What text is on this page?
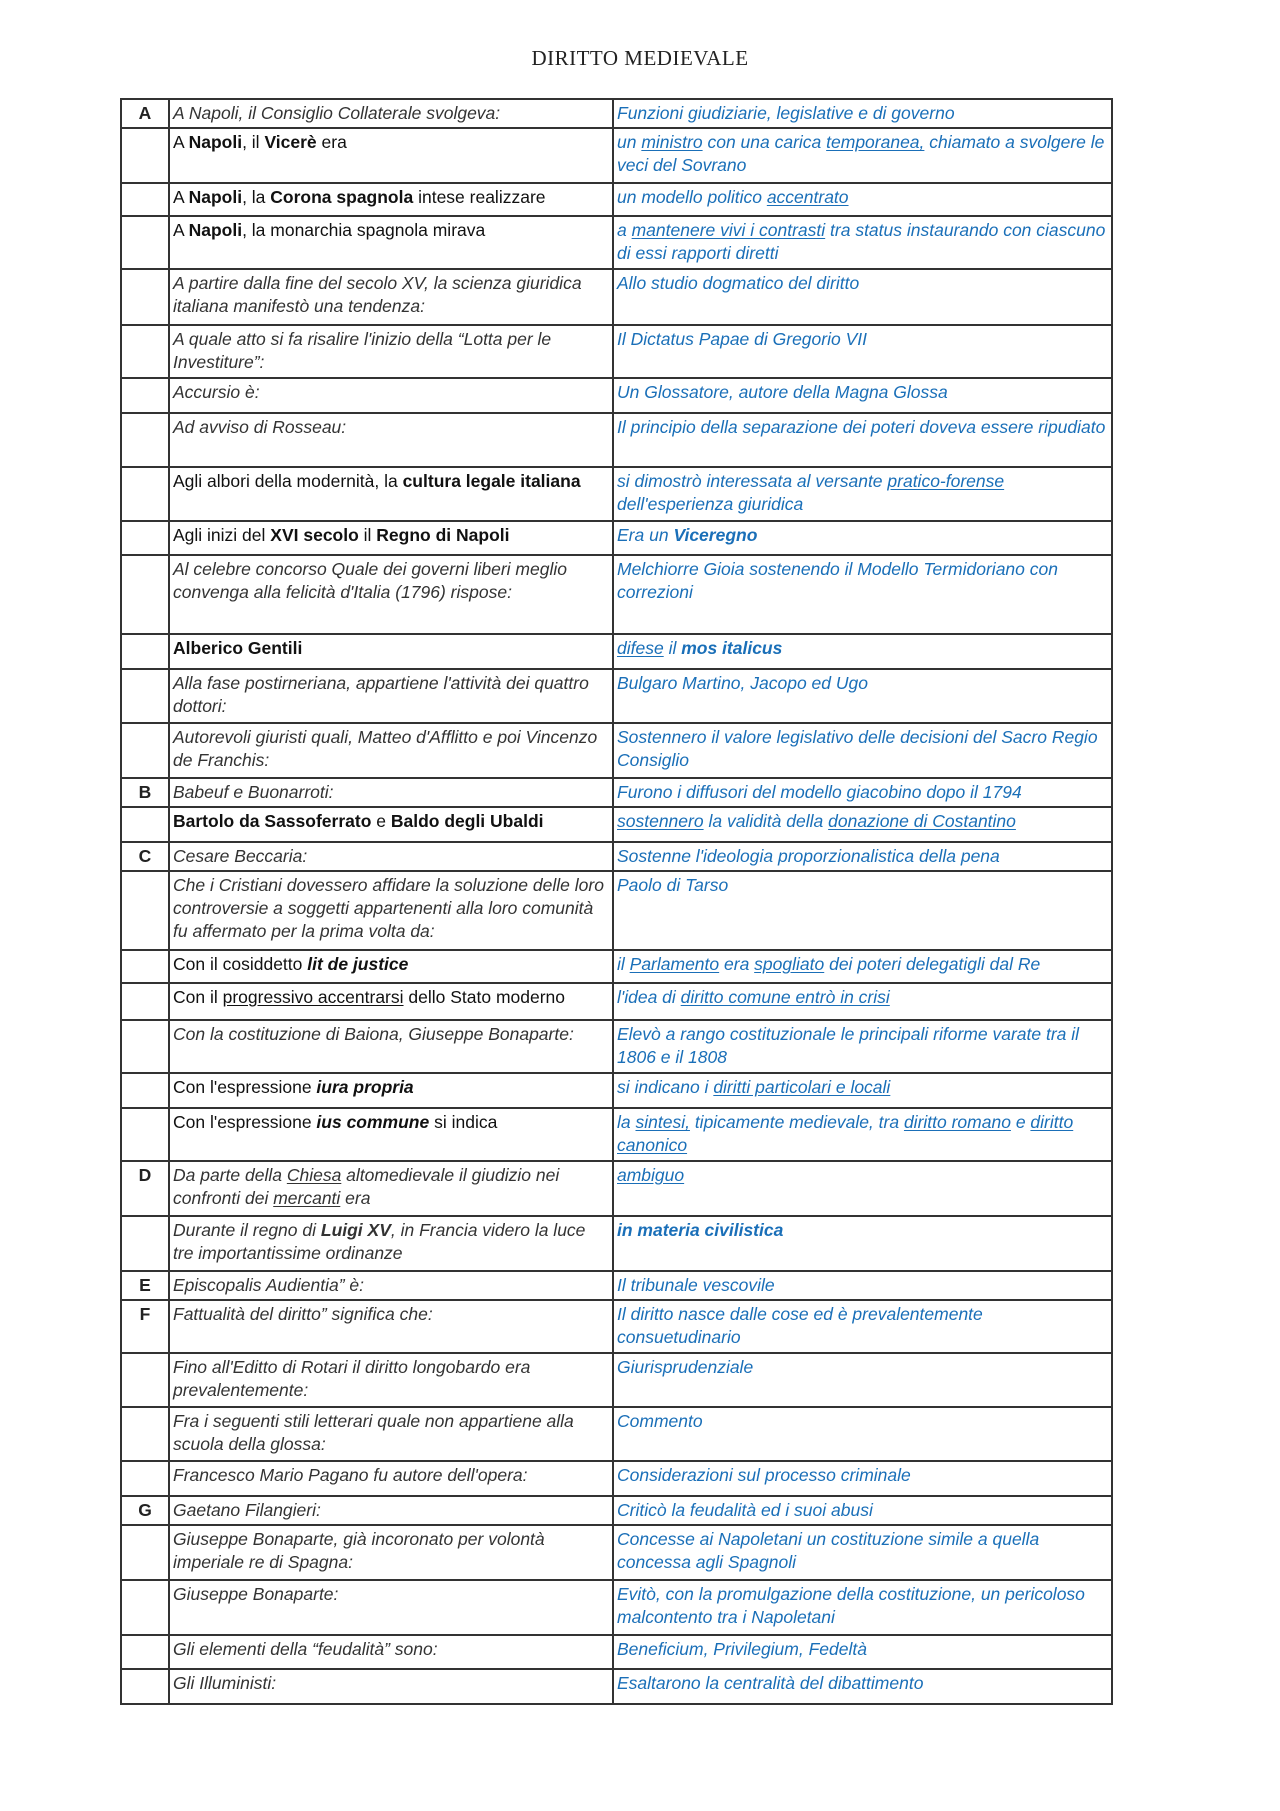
DIRITTO MEDIEVALE
A	A Napoli, il Consiglio Collaterale svolgeva:	Funzioni giudiziarie, legislative e di governo
	A Napoli, il Vicerè era	un ministro con una carica temporanea, chiamato a svolgere le veci del Sovrano
	A Napoli, la Corona spagnola intese realizzare	un modello politico accentrato
	A Napoli, la monarchia spagnola mirava	a mantenere vivi i contrasti tra status instaurando con ciascuno di essi rapporti diretti
	A partire dalla fine del secolo XV, la scienza giuridica italiana manifestò una tendenza:	Allo studio dogmatico del diritto
	A quale atto si fa risalire l'inizio della “Lotta per le Investiture”:	Il Dictatus Papae di Gregorio VII
	Accursio è:	Un Glossatore, autore della Magna Glossa
	Ad avviso di Rosseau:	Il principio della separazione dei poteri doveva essere ripudiato
	Agli albori della modernità, la cultura legale italiana	si dimostrò interessata al versante pratico-forense dell'esperienza giuridica
	Agli inizi del XVI secolo il Regno di Napoli	Era un Viceregno
	Al celebre concorso Quale dei governi liberi meglio convenga alla felicità d'Italia (1796) rispose:	Melchiorre Gioia sostenendo il Modello Termidoriano con correzioni
	Alberico Gentili	difese il mos italicus
	Alla fase postirneriana, appartiene l'attività dei quattro dottori:	Bulgaro Martino, Jacopo ed Ugo
	Autorevoli giuristi quali, Matteo d'Afflitto e poi Vincenzo de Franchis:	Sostennero il valore legislativo delle decisioni del Sacro Regio Consiglio
B	Babeuf e Buonarroti:	Furono i diffusori del modello giacobino dopo il 1794
	Bartolo da Sassoferrato e Baldo degli Ubaldi	sostennero la validità della donazione di Costantino
C	Cesare Beccaria:	Sostenne l'ideologia proporzionalistica della pena
	Che i Cristiani dovessero affidare la soluzione delle loro controversie a soggetti appartenenti alla loro comunità fu affermato per la prima volta da:	Paolo di Tarso
	Con il cosiddetto lit de justice	il Parlamento era spogliato dei poteri delegatigli dal Re
	Con il progressivo accentrarsi dello Stato moderno	l'idea di diritto comune entrò in crisi
	Con la costituzione di Baiona, Giuseppe Bonaparte:	Elevò a rango costituzionale le principali riforme varate tra il 1806 e il 1808
	Con l'espressione iura propria	si indicano i diritti particolari e locali
	Con l'espressione ius commune si indica	la sintesi, tipicamente medievale, tra diritto romano e diritto canonico
D	Da parte della Chiesa altomedievale il giudizio nei confronti dei mercanti era	ambiguo
	Durante il regno di Luigi XV, in Francia videro la luce tre importantissime ordinanze	in materia civilistica
E	Episcopalis Audientia” è:	Il tribunale vescovile
F	Fattualità del diritto” significa che:	Il diritto nasce dalle cose ed è prevalentemente consuetudinario
	Fino all'Editto di Rotari il diritto longobardo era prevalentemente:	Giurisprudenziale
	Fra i seguenti stili letterari quale non appartiene alla scuola della glossa:	Commento
	Francesco Mario Pagano fu autore dell'opera:	Considerazioni sul processo criminale
G	Gaetano Filangieri:	Criticò la feudalità ed i suoi abusi
	Giuseppe Bonaparte, già incoronato per volontà imperiale re di Spagna:	Concesse ai Napoletani un costituzione simile a quella concessa agli Spagnoli
	Giuseppe Bonaparte:	Evitò, con la promulgazione della costituzione, un pericoloso malcontento tra i Napoletani
	Gli elementi della “feudalità” sono:	Beneficium, Privilegium, Fedeltà
	Gli Illuministi:	Esaltarono la centralità del dibattimento
